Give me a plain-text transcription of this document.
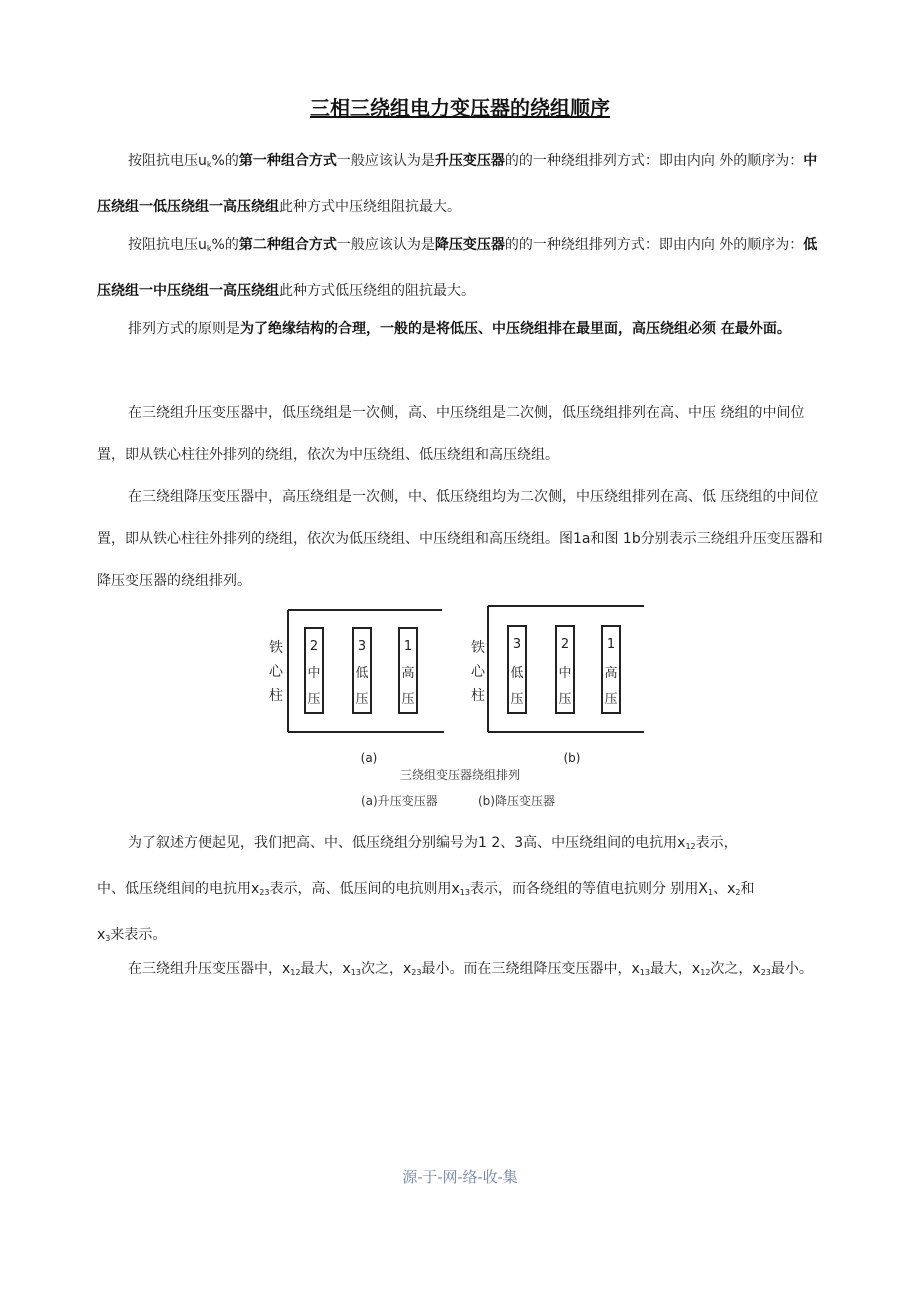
三相三绕组电力变压器的绕组顺序

按阻抗电压$u_k\%$的第一种组合方式一般应该认为是升压变压器的的一种绕组排列方式：即由内向 外的顺序为：中压绕组一低压绕组一高压绕组此种方式中压绕组阻抗最大。

按阻抗电压$u_k\%$的第二种组合方式一般应该认为是降压变压器的的一种绕组排列方式：即由内向 外的顺序为：低压绕组一中压绕组一高压绕组此种方式低压绕组的阻抗最大。

排列方式的原则是为了绝缘结构的合理，一般的是将低压、中压绕组排在最里面，高压绕组必须 在最外面。

在三绕组升压变压器中，低压绕组是一次侧，高、中压绕组是二次侧，低压绕组排列在高、中压 绕组的中间位置，即从铁心柱往外排列的绕组，依次为中压绕组、低压绕组和高压绕组。

在三绕组降压变压器中，高压绕组是一次侧，中、低压绕组均为二次侧，中压绕组排列在高、低 压绕组的中间位置，即从铁心柱往外排列的绕组，依次为低压绕组、中压绕组和高压绕组。图1a和图 1b分别表示三绕组升压变压器和降压变压器的绕组排列。

铁
心
柱
2
中
压
3
低
压
1
高
压
(a)
铁
心
柱
3
低
压
2
中
压
1
高
压
(b)
三绕组变压器绕组排列
(a)升压变压器	(b)降压变压器

为了叙述方便起见，我们把高、中、低压绕组分别编号为1 2、3高、中压绕组间的电抗用$x_{12}$表示，

中、低压绕组间的电抗用$x_{23}$表示，高、低压间的电抗则用$x_{13}$表示，而各绕组的等值电抗则分 别用$X_1$、$x_2$和

$x_3$来表示。

在三绕组升压变压器中，$x_{12}$最大，$x_{13}$次之，$x_{23}$最小。而在三绕组降压变压器中，$x_{13}$最大，$x_{12}$次之，$x_{23}$最小。

源-于-网-络-收-集
